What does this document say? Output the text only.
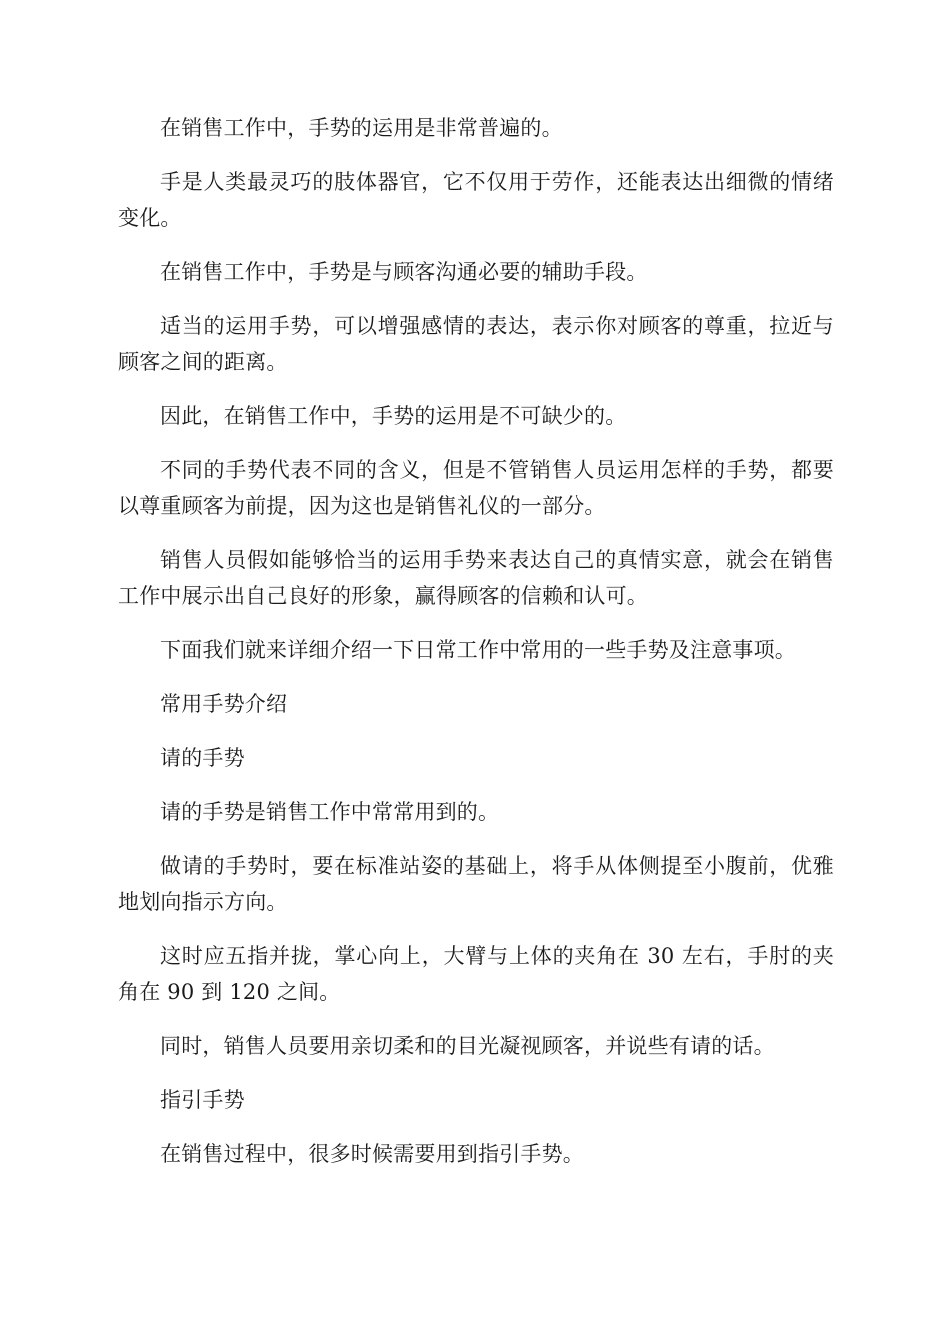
在销售工作中，手势的运用是非常普遍的。

手是人类最灵巧的肢体器官，它不仅用于劳作，还能表达出细微的情绪变化。

在销售工作中，手势是与顾客沟通必要的辅助手段。

适当的运用手势，可以增强感情的表达，表示你对顾客的尊重，拉近与顾客之间的距离。

因此，在销售工作中，手势的运用是不可缺少的。

不同的手势代表不同的含义，但是不管销售人员运用怎样的手势，都要以尊重顾客为前提，因为这也是销售礼仪的一部分。

销售人员假如能够恰当的运用手势来表达自己的真情实意，就会在销售工作中展示出自己良好的形象，赢得顾客的信赖和认可。

下面我们就来详细介绍一下日常工作中常用的一些手势及注意事项。

常用手势介绍

请的手势

请的手势是销售工作中常常用到的。

做请的手势时，要在标准站姿的基础上，将手从体侧提至小腹前，优雅地划向指示方向。

这时应五指并拢，掌心向上，大臂与上体的夹角在 30 左右，手肘的夹角在 90 到 120 之间。

同时，销售人员要用亲切柔和的目光凝视顾客，并说些有请的话。

指引手势

在销售过程中，很多时候需要用到指引手势。
